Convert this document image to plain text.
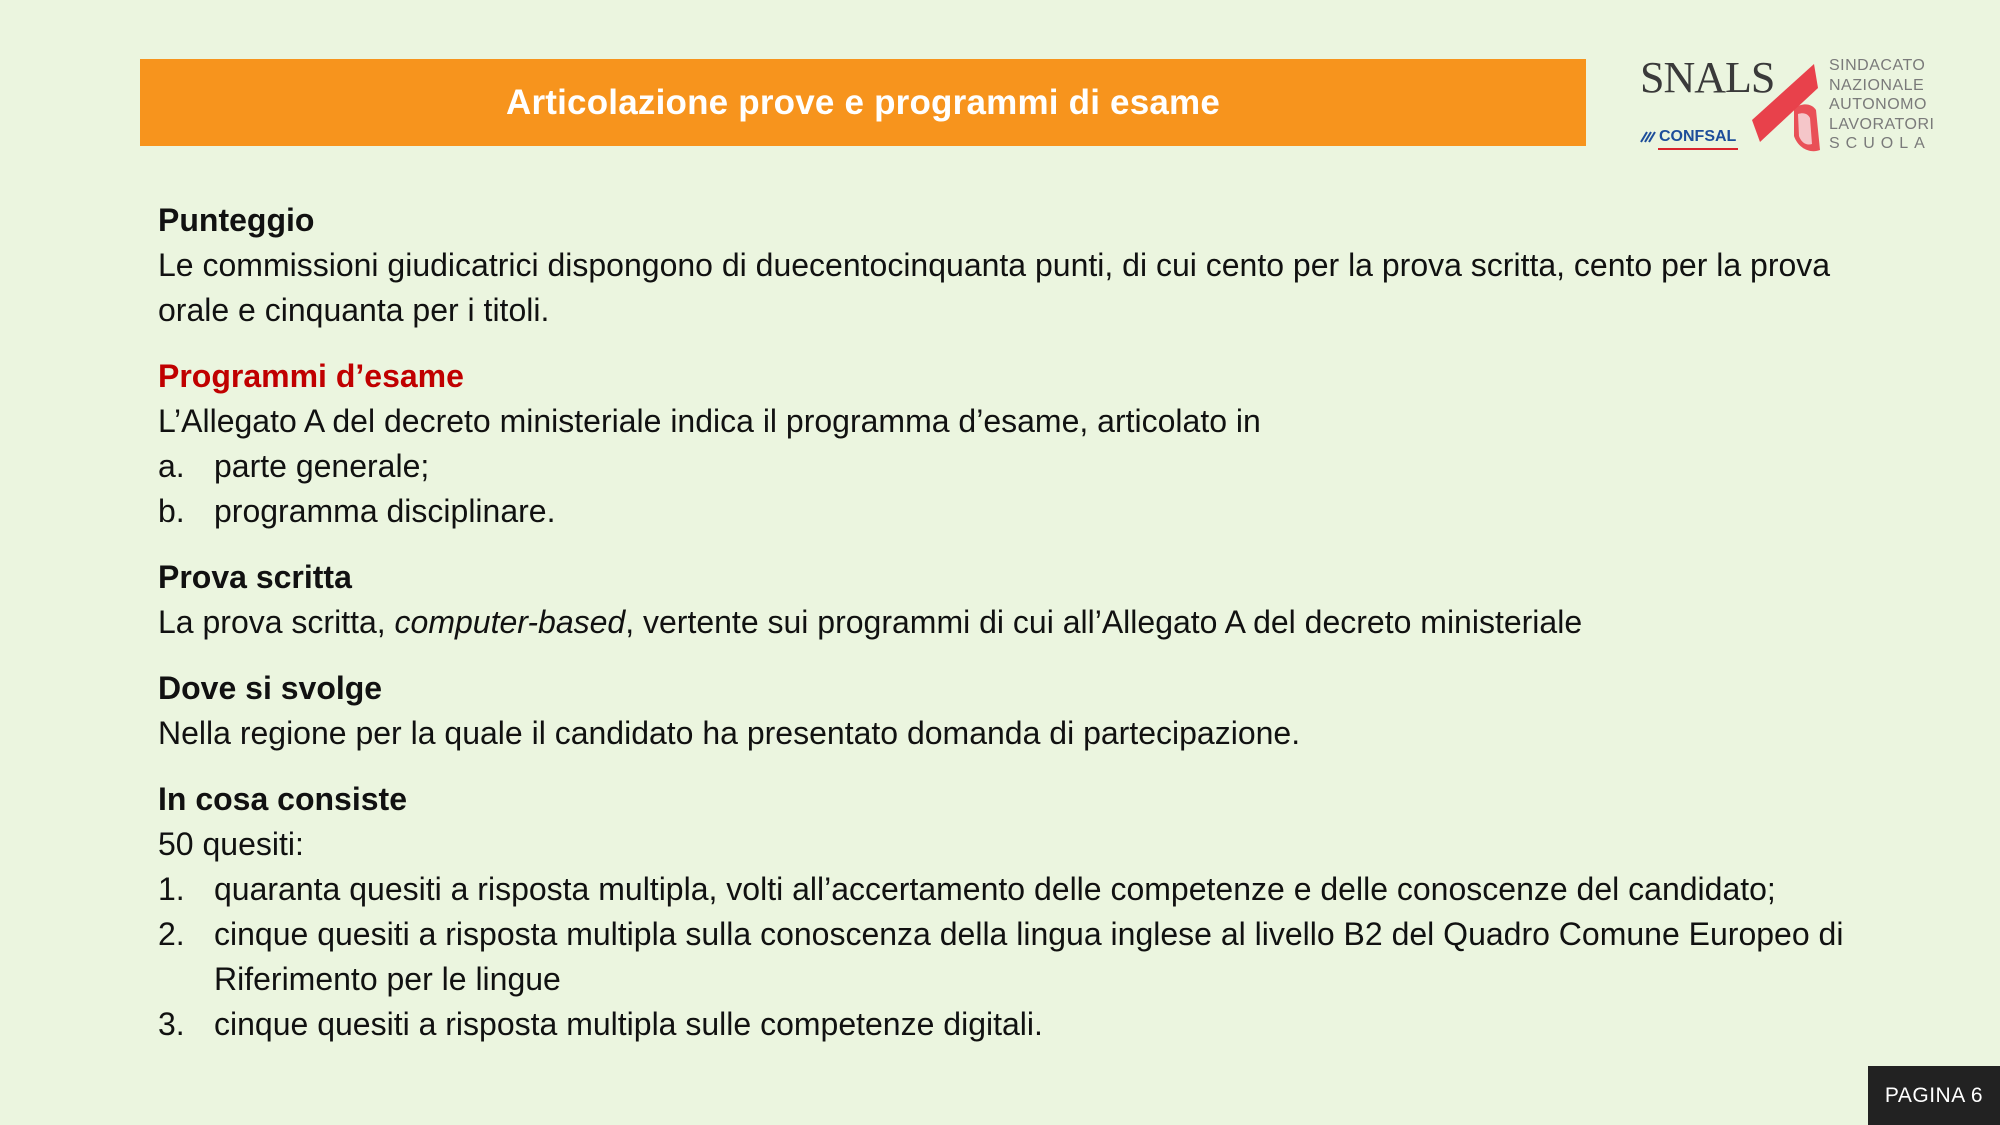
Articolazione prove e programmi di esame	SNALS
CONFSAL
SINDACATO
NAZIONALE
AUTONOMO
LAVORATORI
SCUOLA
Punteggio
Le commissioni giudicatrici dispongono di duecentocinquanta punti, di cui cento per la prova scritta, cento per la prova orale e cinquanta per i titoli.
Programmi d’esame
L’Allegato A del decreto ministeriale indica il programma d’esame, articolato in
a. parte generale;
b. programma disciplinare.
Prova scritta
La prova scritta, computer-based, vertente sui programmi di cui all’Allegato A del decreto ministeriale
Dove si svolge
Nella regione per la quale il candidato ha presentato domanda di partecipazione.
In cosa consiste
50 quesiti:
1. quaranta quesiti a risposta multipla, volti all’accertamento delle competenze e delle conoscenze del candidato;
2. cinque quesiti a risposta multipla sulla conoscenza della lingua inglese al livello B2 del Quadro Comune Europeo di Riferimento per le lingue
3. cinque quesiti a risposta multipla sulle competenze digitali.
PAGINA 6
